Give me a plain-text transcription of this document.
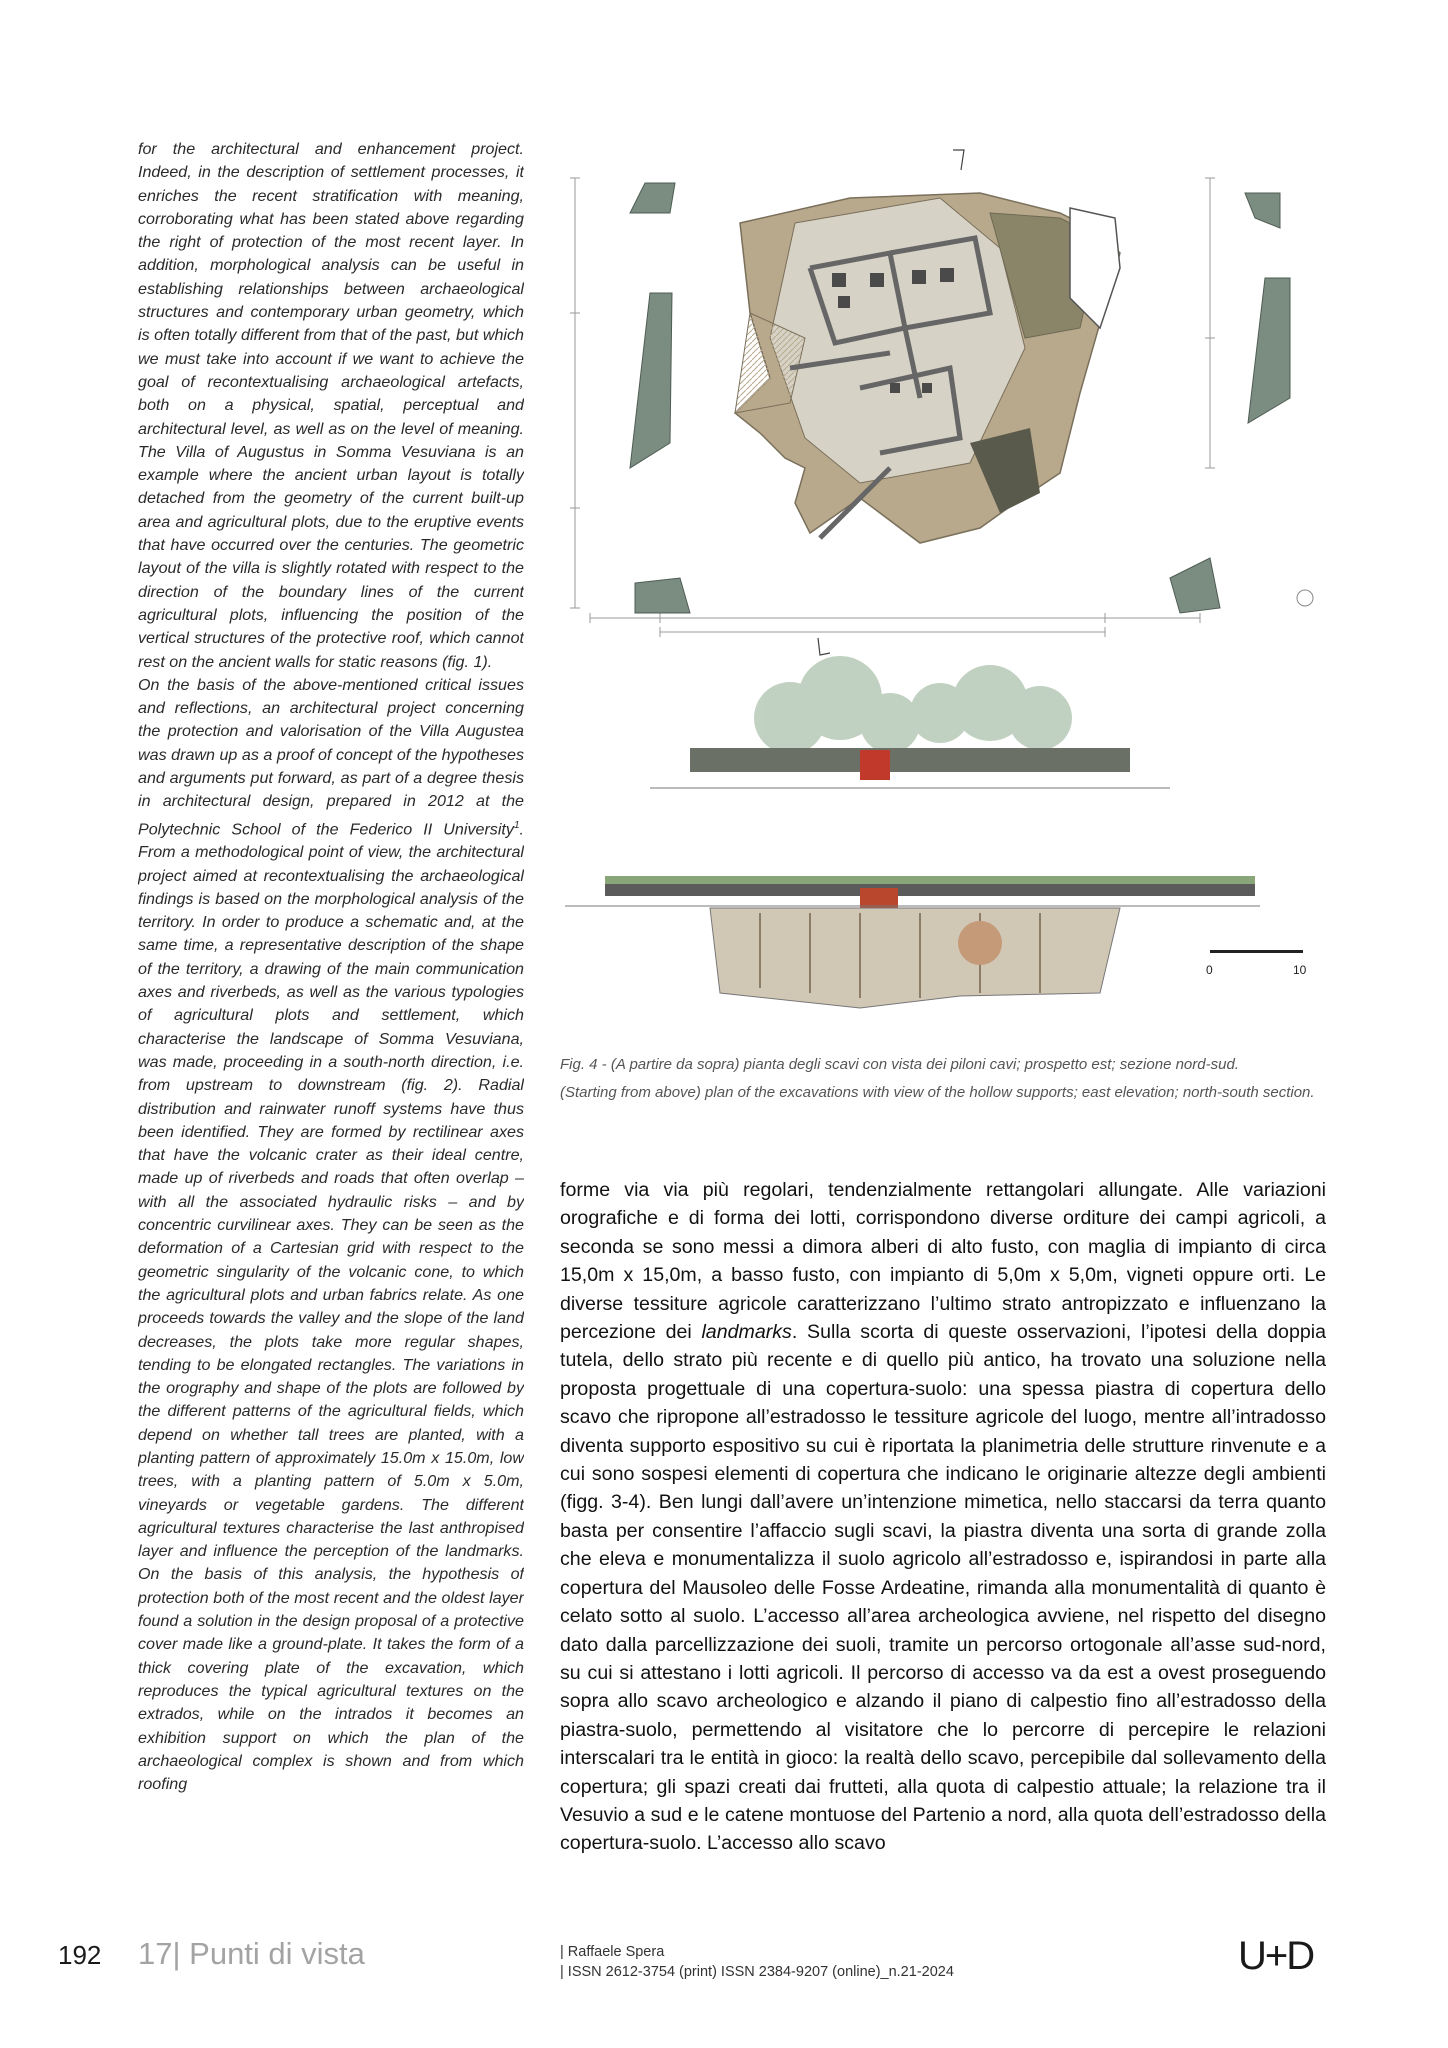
for the architectural and enhancement project. Indeed, in the description of settlement processes, it enriches the recent stratification with meaning, corroborating what has been stated above regarding the right of protection of the most recent layer. In addition, morphological analysis can be useful in establishing relationships between archaeological structures and contemporary urban geometry, which is often totally different from that of the past, but which we must take into account if we want to achieve the goal of recontextualising archaeological artefacts, both on a physical, spatial, perceptual and architectural level, as well as on the level of meaning. The Villa of Augustus in Somma Vesuviana is an example where the ancient urban layout is totally detached from the geometry of the current built-up area and agricultural plots, due to the eruptive events that have occurred over the centuries. The geometric layout of the villa is slightly rotated with respect to the direction of the boundary lines of the current agricultural plots, influencing the position of the vertical structures of the protective roof, which cannot rest on the ancient walls for static reasons (fig. 1).

On the basis of the above-mentioned critical issues and reflections, an architectural project concerning the protection and valorisation of the Villa Augustea was drawn up as a proof of concept of the hypotheses and arguments put forward, as part of a degree thesis in architectural design, prepared in 2012 at the Polytechnic School of the Federico II University$^1$. From a methodological point of view, the architectural project aimed at recontextualising the archaeological findings is based on the morphological analysis of the territory. In order to produce a schematic and, at the same time, a representative description of the shape of the territory, a drawing of the main communication axes and riverbeds, as well as the various typologies of agricultural plots and settlement, which characterise the landscape of Somma Vesuviana, was made, proceeding in a south-north direction, i.e. from upstream to downstream (fig. 2). Radial distribution and rainwater runoff systems have thus been identified. They are formed by rectilinear axes that have the volcanic crater as their ideal centre, made up of riverbeds and roads that often overlap – with all the associated hydraulic risks – and by concentric curvilinear axes. They can be seen as the deformation of a Cartesian grid with respect to the geometric singularity of the volcanic cone, to which the agricultural plots and urban fabrics relate. As one proceeds towards the valley and the slope of the land decreases, the plots take more regular shapes, tending to be elongated rectangles. The variations in the orography and shape of the plots are followed by the different patterns of the agricultural fields, which depend on whether tall trees are planted, with a planting pattern of approximately 15.0m x 15.0m, low trees, with a planting pattern of 5.0m x 5.0m, vineyards or vegetable gardens. The different agricultural textures characterise the last anthropised layer and influence the perception of the landmarks. On the basis of this analysis, the hypothesis of protection both of the most recent and the oldest layer found a solution in the design proposal of a protective cover made like a ground-plate. It takes the form of a thick covering plate of the excavation, which reproduces the typical agricultural textures on the extrados, while on the intrados it becomes an exhibition support on which the plan of the archaeological complex is shown and from which roofing

0	10

Fig. 4 - (A partire da sopra) pianta degli scavi con vista dei piloni cavi; prospetto est; sezione nord-sud.

(Starting from above) plan of the excavations with view of the hollow supports; east elevation; north-south section.

forme via via più regolari, tendenzialmente rettangolari allungate. Alle variazioni orografiche e di forma dei lotti, corrispondono diverse orditure dei campi agricoli, a seconda se sono messi a dimora alberi di alto fusto, con maglia di impianto di circa 15,0m x 15,0m, a basso fusto, con impianto di 5,0m x 5,0m, vigneti oppure orti. Le diverse tessiture agricole caratterizzano l’ultimo strato antropizzato e influenzano la percezione dei landmarks. Sulla scorta di queste osservazioni, l’ipotesi della doppia tutela, dello strato più recente e di quello più antico, ha trovato una soluzione nella proposta progettuale di una copertura-suolo: una spessa piastra di copertura dello scavo che ripropone all’estradosso le tessiture agricole del luogo, mentre all’intradosso diventa supporto espositivo su cui è riportata la planimetria delle strutture rinvenute e a cui sono sospesi elementi di copertura che indicano le originarie altezze degli ambienti (figg. 3-4). Ben lungi dall’avere un’intenzione mimetica, nello staccarsi da terra quanto basta per consentire l’affaccio sugli scavi, la piastra diventa una sorta di grande zolla che eleva e monumentalizza il suolo agricolo all’estradosso e, ispirandosi in parte alla copertura del Mausoleo delle Fosse Ardeatine, rimanda alla monumentalità di quanto è celato sotto al suolo. L’accesso all’area archeologica avviene, nel rispetto del disegno dato dalla parcellizzazione dei suoli, tramite un percorso ortogonale all’asse sud-nord, su cui si attestano i lotti agricoli. Il percorso di accesso va da est a ovest proseguendo sopra allo scavo archeologico e alzando il piano di calpestio fino all’estradosso della piastra-suolo, permettendo al visitatore che lo percorre di percepire le relazioni interscalari tra le entità in gioco: la realtà dello scavo, percepibile dal sollevamento della copertura; gli spazi creati dai frutteti, alla quota di calpestio attuale; la relazione tra il Vesuvio a sud e le catene montuose del Partenio a nord, alla quota dell’estradosso della copertura-suolo. L’accesso allo scavo

192 17| Punti di vista	| Raffaele Spera
| ISSN 2612-3754 (print) ISSN 2384-9207 (online)_n.21-2024	U+D
